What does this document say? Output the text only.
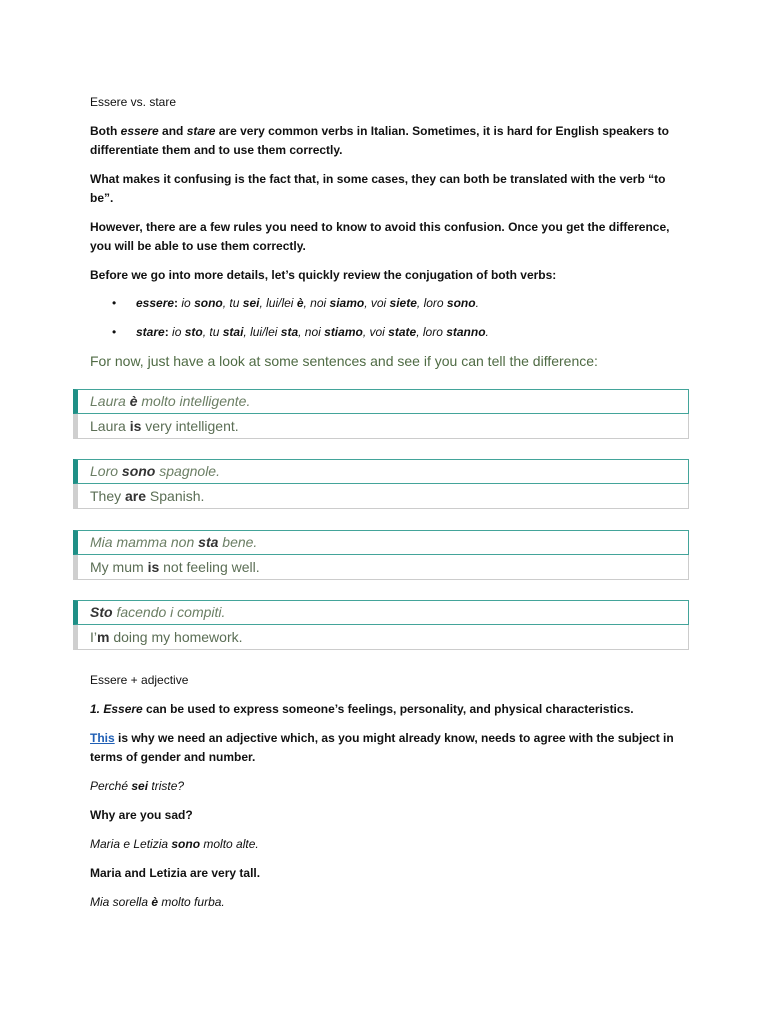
Essere vs. stare

Both essere and stare are very common verbs in Italian. Sometimes, it is hard for English speakers to differentiate them and to use them correctly.

What makes it confusing is the fact that, in some cases, they can both be translated with the verb “to be”.

However, there are a few rules you need to know to avoid this confusion. Once you get the difference, you will be able to use them correctly.

Before we go into more details, let’s quickly review the conjugation of both verbs:

• essere: io sono, tu sei, lui/lei è, noi siamo, voi siete, loro sono.
• stare: io sto, tu stai, lui/lei sta, noi stiamo, voi state, loro stanno.

For now, just have a look at some sentences and see if you can tell the difference:

Laura è molto intelligente.
Laura is very intelligent.
Loro sono spagnole.
They are Spanish.
Mia mamma non sta bene.
My mum is not feeling well.
Sto facendo i compiti.
I’m doing my homework.

Essere + adjective

1. Essere can be used to express someone’s feelings, personality, and physical characteristics.

This is why we need an adjective which, as you might already know, needs to agree with the subject in terms of gender and number.

Perché sei triste?

Why are you sad?

Maria e Letizia sono molto alte.

Maria and Letizia are very tall.

Mia sorella è molto furba.
